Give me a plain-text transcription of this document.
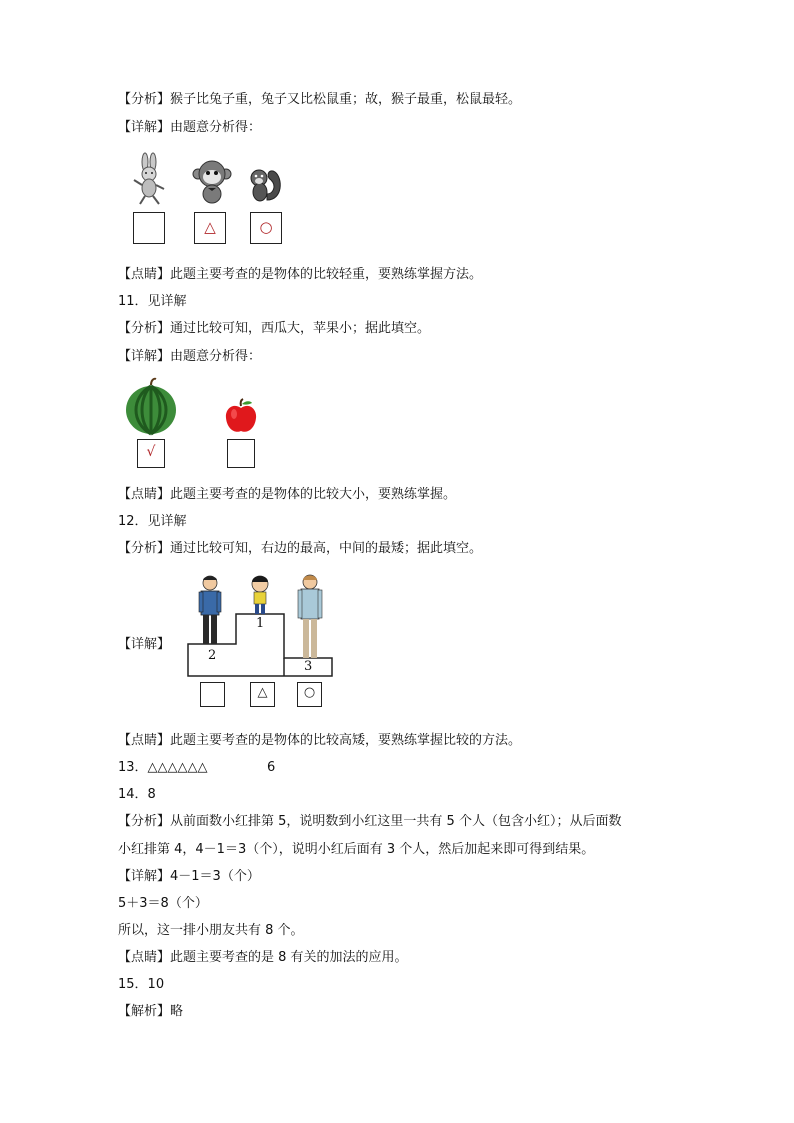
【分析】猴子比兔子重，兔子又比松鼠重；故，猴子最重，松鼠最轻。
【详解】由题意分析得：
△	○
【点睛】此题主要考查的是物体的比较轻重，要熟练掌握方法。
11．见详解
【分析】通过比较可知，西瓜大，苹果小；据此填空。
【详解】由题意分析得：
√
【点睛】此题主要考查的是物体的比较大小，要熟练掌握。
12．见详解
【分析】通过比较可知，右边的最高，中间的最矮；据此填空。
【详解】
1
2
3
△	○
【点睛】此题主要考查的是物体的比较高矮，要熟练掌握比较的方法。
13．△△△△△△	6
14．8
【分析】从前面数小红排第 5，说明数到小红这里一共有 5 个人（包含小红）；从后面数
小红排第 4，4－1＝3（个），说明小红后面有 3 个人，然后加起来即可得到结果。
【详解】4－1＝3（个）
5＋3＝8（个）
所以，这一排小朋友共有 8 个。
【点睛】此题主要考查的是 8 有关的加法的应用。
15．10
【解析】略
